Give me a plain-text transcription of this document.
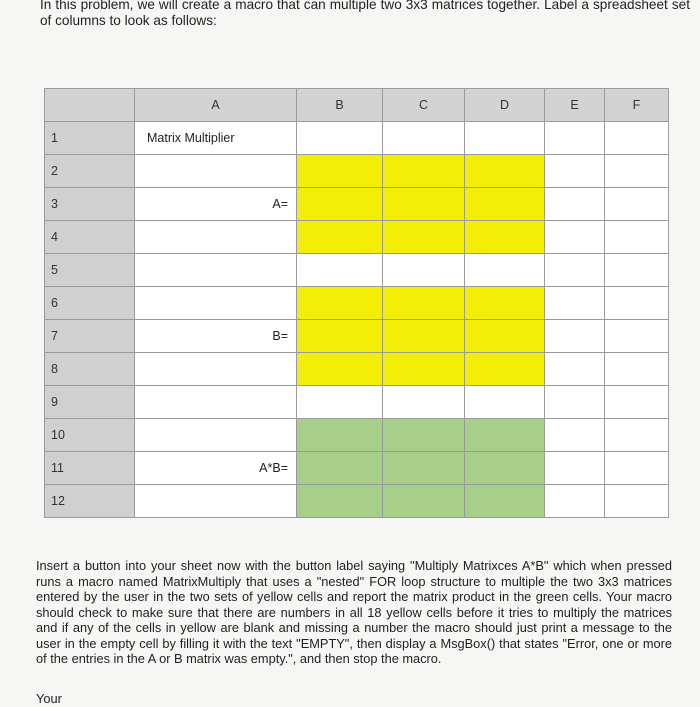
In this problem, we will create a macro that can multiple two 3x3 matrices together. Label a spreadsheet set of columns to look as follows:
	A	B	C	D	E	F
1	Matrix Multiplier					
2						
3	A=					
4						
5						
6						
7	B=					
8						
9						
10						
11	A*B=					
12						
Insert a button into your sheet now with the button label saying "Multiply Matrixces A*B" which when pressed runs a macro named MatrixMultiply that uses a "nested" FOR loop structure to multiple the two 3x3 matrices entered by the user in the two sets of yellow cells and report the matrix product in the green cells. Your macro should check to make sure that there are numbers in all 18 yellow cells before it tries to multiply the matrices and if any of the cells in yellow are blank and missing a number the macro should just print a message to the user in the empty cell by filling it with the text "EMPTY", then display a MsgBox() that states "Error, one or more of the entries in the A or B matrix was empty.", and then stop the macro.
Your
